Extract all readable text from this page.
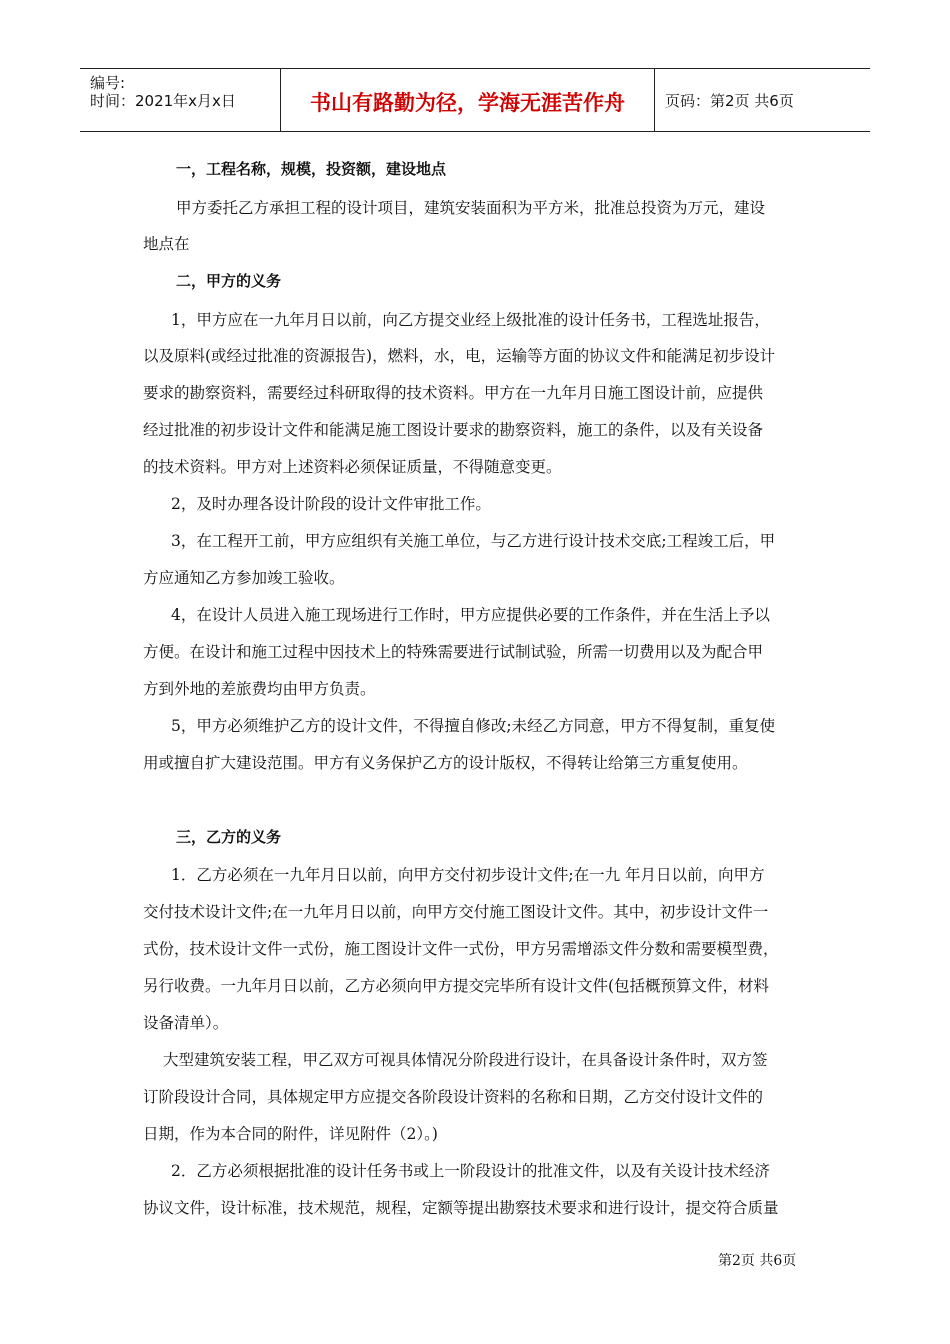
编号:
时间：2021年x月x日	书山有路勤为径，学海无涯苦作舟	页码：第2页 共6页
一，工程名称，规模，投资额，建设地点
甲方委托乙方承担工程的设计项目，建筑安装面积为平方米，批准总投资为万元，建设
地点在
二，甲方的义务
1，甲方应在一九年月日以前，向乙方提交业经上级批准的设计任务书，工程选址报告，
以及原料(或经过批准的资源报告)，燃料，水，电，运输等方面的协议文件和能满足初步设计
要求的勘察资料，需要经过科研取得的技术资料。甲方在一九年月日施工图设计前，应提供
经过批准的初步设计文件和能满足施工图设计要求的勘察资料，施工的条件，以及有关设备
的技术资料。甲方对上述资料必须保证质量，不得随意变更。
2，及时办理各设计阶段的设计文件审批工作。
3，在工程开工前，甲方应组织有关施工单位，与乙方进行设计技术交底;工程竣工后，甲
方应通知乙方参加竣工验收。
4，在设计人员进入施工现场进行工作时，甲方应提供必要的工作条件，并在生活上予以
方便。在设计和施工过程中因技术上的特殊需要进行试制试验，所需一切费用以及为配合甲
方到外地的差旅费均由甲方负责。
5，甲方必须维护乙方的设计文件，不得擅自修改;未经乙方同意，甲方不得复制，重复使
用或擅自扩大建设范围。甲方有义务保护乙方的设计版权，不得转让给第三方重复使用。
三，乙方的义务
1．乙方必须在一九年月日以前，向甲方交付初步设计文件;在一九 年月日以前，向甲方
交付技术设计文件;在一九年月日以前，向甲方交付施工图设计文件。其中，初步设计文件一
式份，技术设计文件一式份，施工图设计文件一式份，甲方另需增添文件分数和需要模型费，
另行收费。一九年月日以前，乙方必须向甲方提交完毕所有设计文件(包括概预算文件，材料
设备清单）。
大型建筑安装工程，甲乙双方可视具体情况分阶段进行设计，在具备设计条件时，双方签
订阶段设计合同，具体规定甲方应提交各阶段设计资料的名称和日期，乙方交付设计文件的
日期，作为本合同的附件，详见附件（2）。)
2．乙方必须根据批准的设计任务书或上一阶段设计的批准文件，以及有关设计技术经济
协议文件，设计标准，技术规范，规程，定额等提出勘察技术要求和进行设计，提交符合质量
第2页 共6页
